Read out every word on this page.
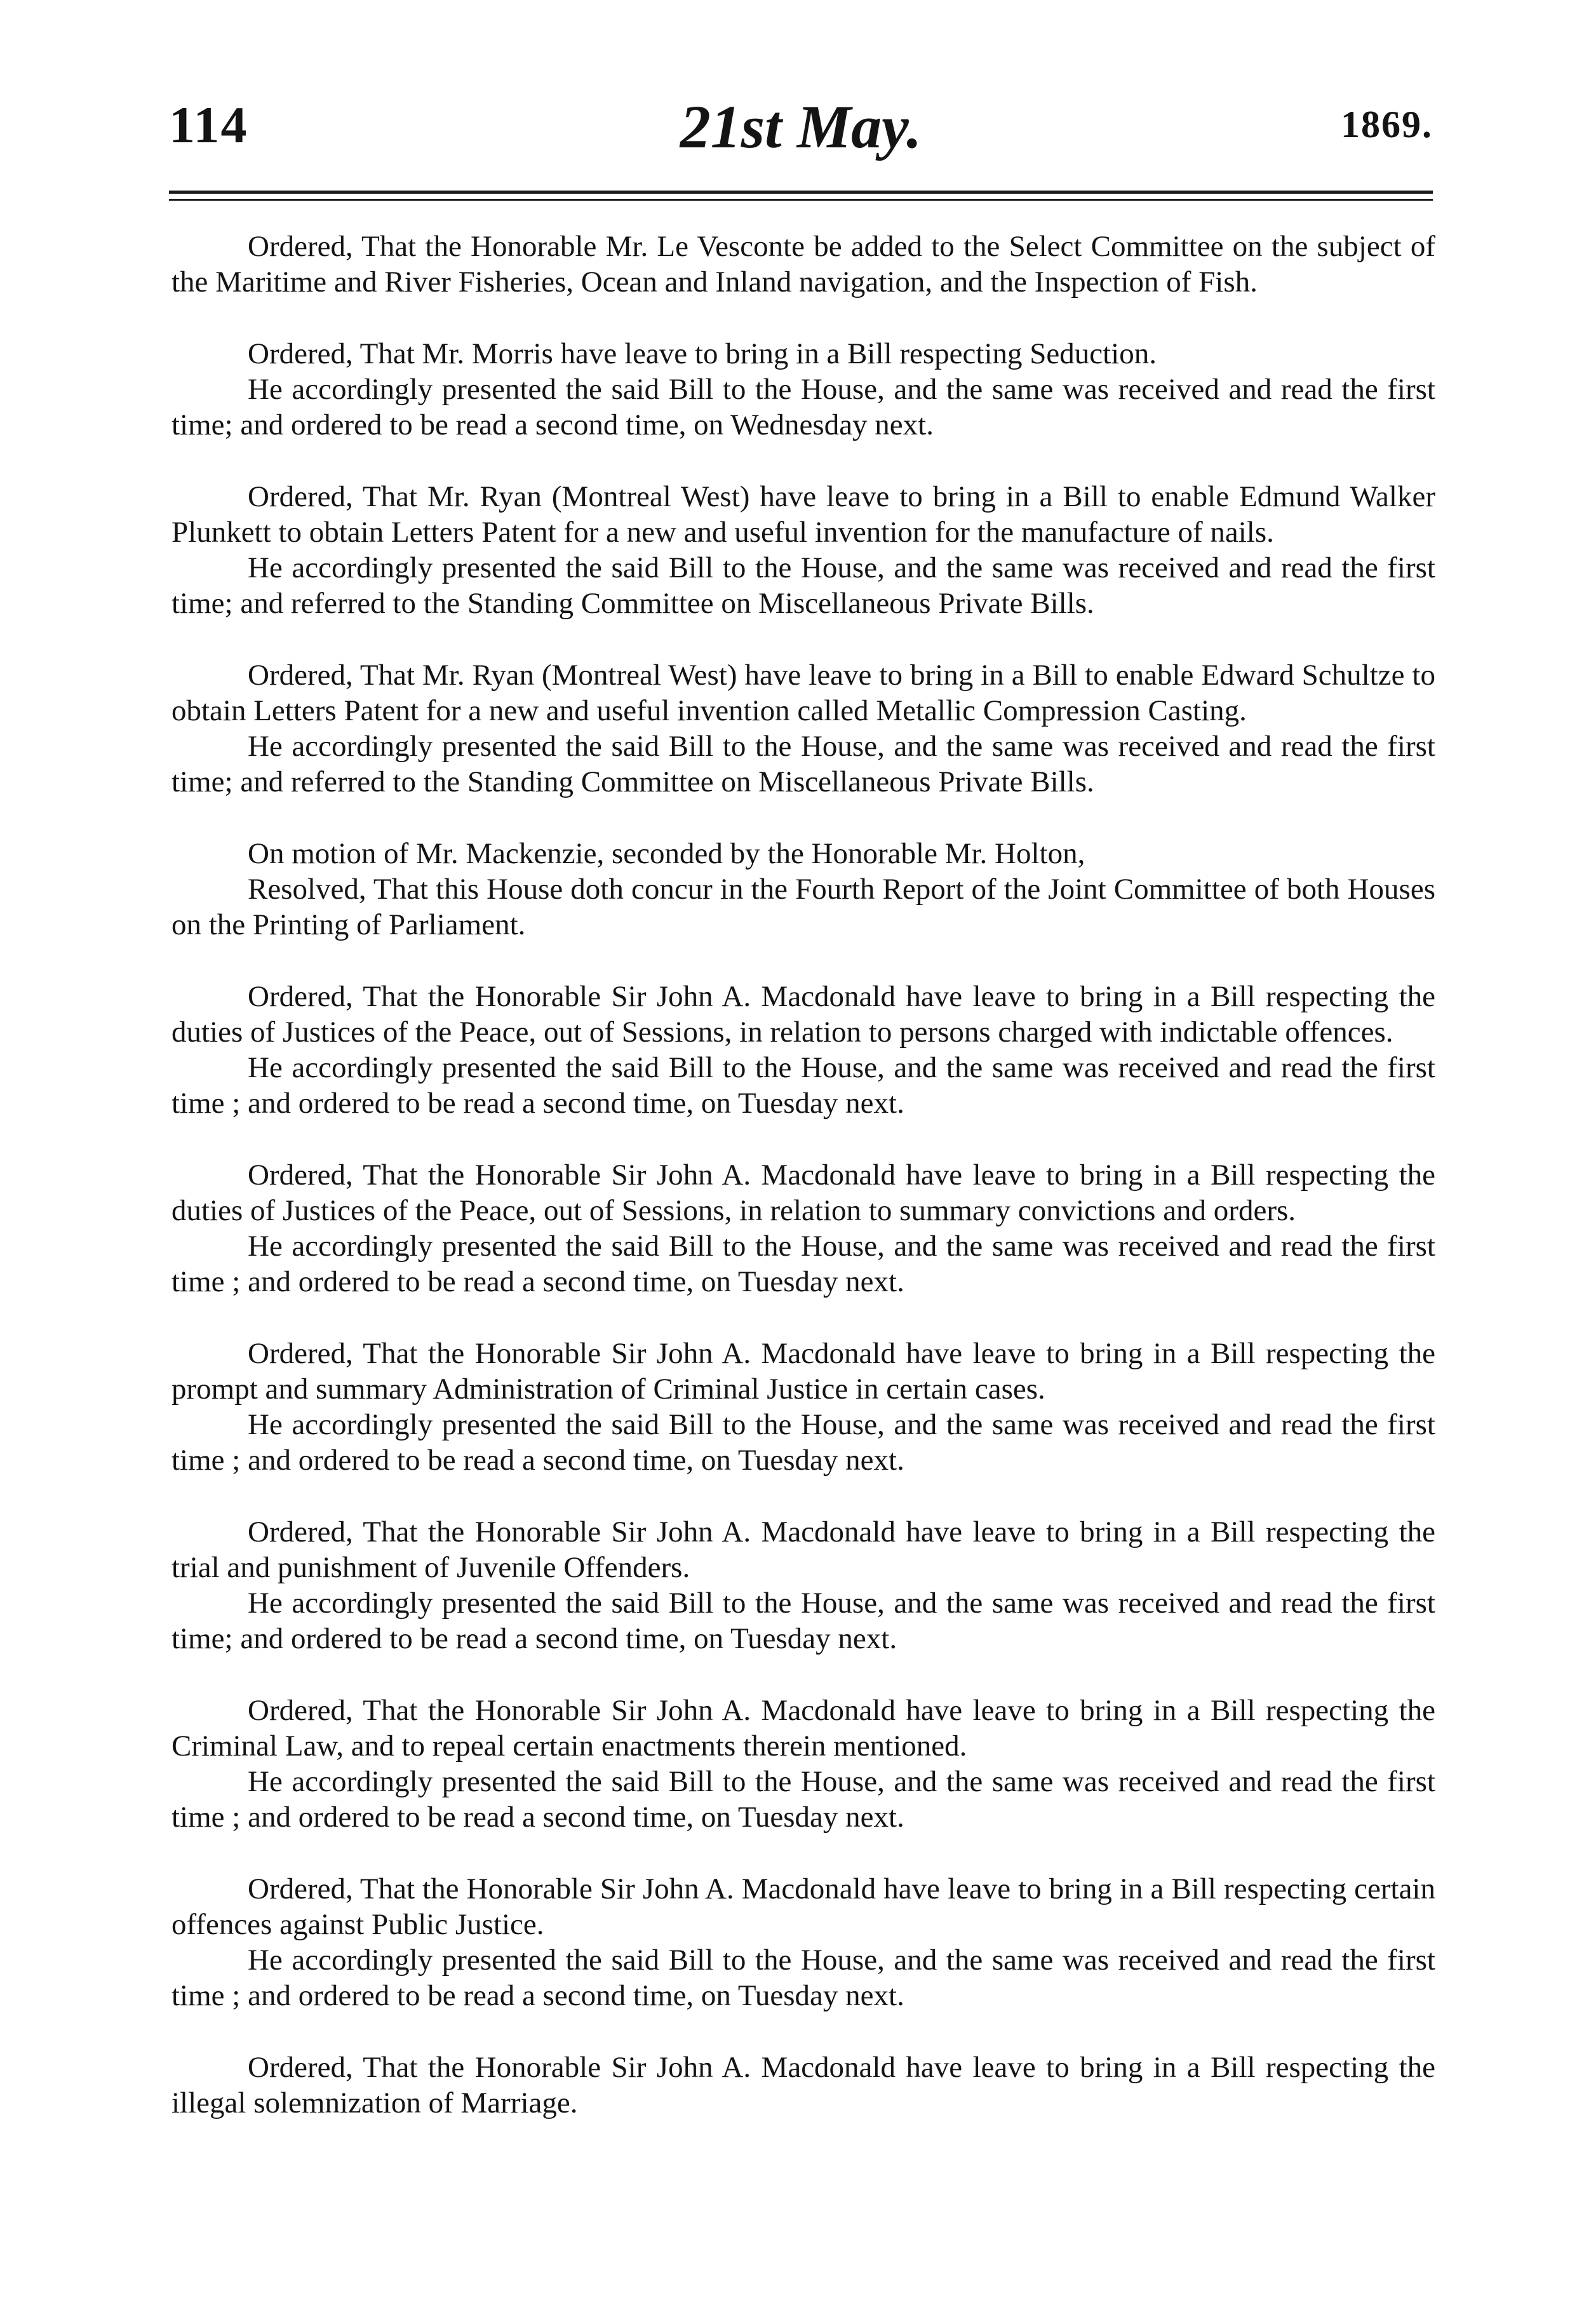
114	21st May.	1869.

Ordered, That the Honorable Mr. Le Vesconte be added to the Select Committee on the subject of the Maritime and River Fisheries, Ocean and Inland navigation, and the Inspection of Fish.

Ordered, That Mr. Morris have leave to bring in a Bill respecting Seduction.

He accordingly presented the said Bill to the House, and the same was received and read the first time; and ordered to be read a second time, on Wednesday next.

Ordered, That Mr. Ryan (Montreal West) have leave to bring in a Bill to enable Edmund Walker Plunkett to obtain Letters Patent for a new and useful invention for the manufacture of nails.

He accordingly presented the said Bill to the House, and the same was received and read the first time; and referred to the Standing Committee on Miscellaneous Private Bills.

Ordered, That Mr. Ryan (Montreal West) have leave to bring in a Bill to enable Edward Schultze to obtain Letters Patent for a new and useful invention called Metallic Compression Casting.

He accordingly presented the said Bill to the House, and the same was received and read the first time; and referred to the Standing Committee on Miscellaneous Private Bills.

On motion of Mr. Mackenzie, seconded by the Honorable Mr. Holton,

Resolved, That this House doth concur in the Fourth Report of the Joint Committee of both Houses on the Printing of Parliament.

Ordered, That the Honorable Sir John A. Macdonald have leave to bring in a Bill respecting the duties of Justices of the Peace, out of Sessions, in relation to persons charged with indictable offences.

He accordingly presented the said Bill to the House, and the same was received and read the first time ; and ordered to be read a second time, on Tuesday next.

Ordered, That the Honorable Sir John A. Macdonald have leave to bring in a Bill respecting the duties of Justices of the Peace, out of Sessions, in relation to summary convictions and orders.

He accordingly presented the said Bill to the House, and the same was received and read the first time ; and ordered to be read a second time, on Tuesday next.

Ordered, That the Honorable Sir John A. Macdonald have leave to bring in a Bill respecting the prompt and summary Administration of Criminal Justice in certain cases.

He accordingly presented the said Bill to the House, and the same was received and read the first time ; and ordered to be read a second time, on Tuesday next.

Ordered, That the Honorable Sir John A. Macdonald have leave to bring in a Bill respecting the trial and punishment of Juvenile Offenders.

He accordingly presented the said Bill to the House, and the same was received and read the first time; and ordered to be read a second time, on Tuesday next.

Ordered, That the Honorable Sir John A. Macdonald have leave to bring in a Bill respecting the Criminal Law, and to repeal certain enactments therein mentioned.

He accordingly presented the said Bill to the House, and the same was received and read the first time ; and ordered to be read a second time, on Tuesday next.

Ordered, That the Honorable Sir John A. Macdonald have leave to bring in a Bill respecting certain offences against Public Justice.

He accordingly presented the said Bill to the House, and the same was received and read the first time ; and ordered to be read a second time, on Tuesday next.

Ordered, That the Honorable Sir John A. Macdonald have leave to bring in a Bill respecting the illegal solemnization of Marriage.
